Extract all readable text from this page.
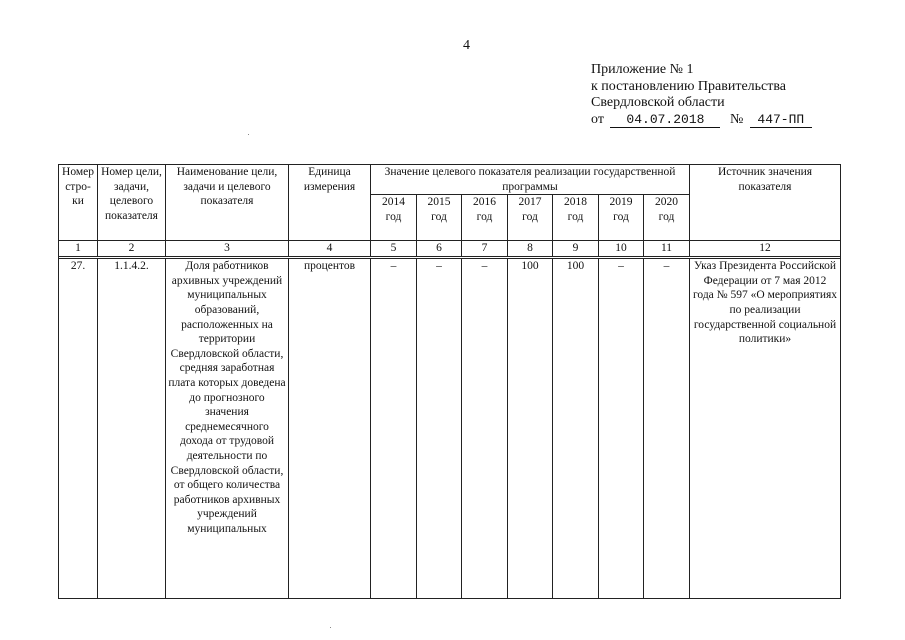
4
Приложение № 1
к постановлению Правительства
Свердловской области
от 04.07.2018 № 447-ПП
Номер стро-ки	Номер цели, задачи, целевого показателя	Наименование цели, задачи и целевого показателя	Единица измерения	Значение целевого показателя реализации государственной программы							Источник значения показателя
				2014 год	2015 год	2016 год	2017 год	2018 год	2019 год	2020 год	
1	2	3	4	5	6	7	8	9	10	11	12

27.	1.1.4.2.	Доля работников архивных учреждений муниципальных образований, расположенных на территории Свердловской области, средняя заработная плата которых доведена до прогнозного значения среднемесячного дохода от трудовой деятельности по Свердловской области, от общего количества работников архивных учреждений муниципальных	процентов	–	–	–	100	100	–	–	Указ Президента Российской Федерации от 7 мая 2012 года № 597 «О мероприятиях по реализации государственной социальной политики»
